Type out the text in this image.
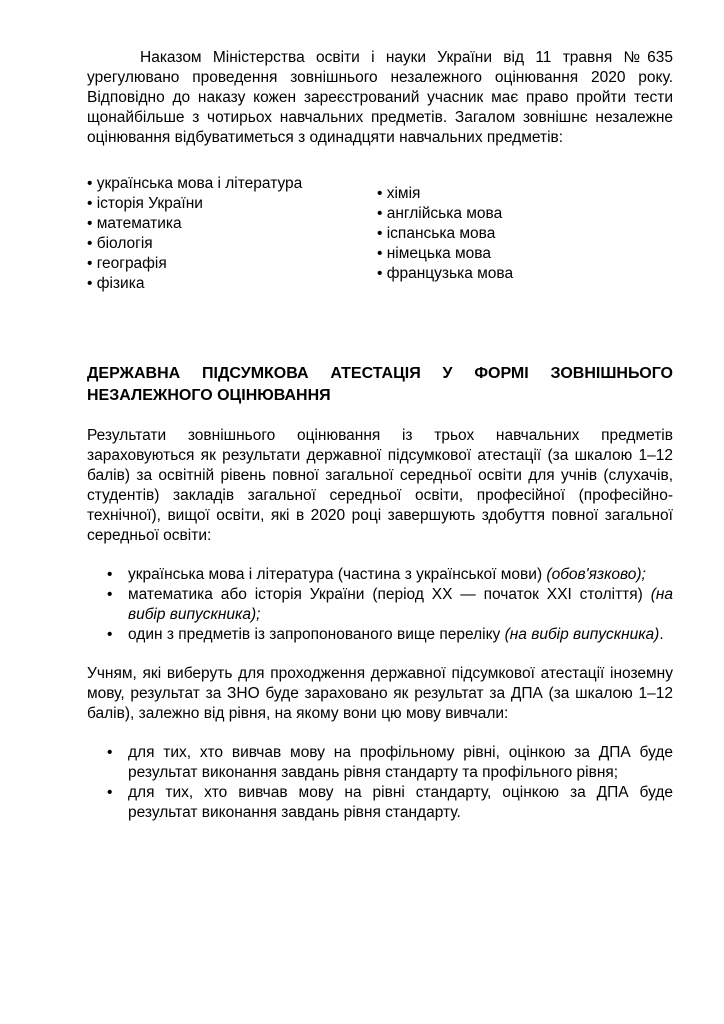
Наказом Міністерства освіти і науки України від 11 травня №635 урегулювано проведення зовнішнього незалежного оцінювання 2020 року. Відповідно до наказу кожен зареєстрований учасник має право пройти тести щонайбільше з чотирьох навчальних предметів. Загалом зовнішнє незалежне оцінювання відбуватиметься з одинадцяти навчальних предметів:

• українська мова і література
• історія України
• математика
• біологія
• географія
• фізика
• хімія
• англійська мова
• іспанська мова
• німецька мова
• французька мова
ДЕРЖАВНА ПІДСУМКОВА АТЕСТАЦІЯ У ФОРМІ ЗОВНІШНЬОГО НЕЗАЛЕЖНОГО ОЦІНЮВАННЯ

Результати зовнішнього оцінювання із трьох навчальних предметів зараховуються як результати державної підсумкової атестації (за шкалою 1–12 балів) за освітній рівень повної загальної середньої освіти для учнів (слухачів, студентів) закладів загальної середньої освіти, професійної (професійно-технічної), вищої освіти, які в 2020 році завершують здобуття повної загальної середньої освіти:

• українська мова і література (частина з української мови) (обов'язково);
• математика або історія України (період XX — початок XXI століття) (на вибір випускника);
• один з предметів із запропонованого вище переліку (на вибір випускника).

Учням, які виберуть для проходження державної підсумкової атестації іноземну мову, результат за ЗНО буде зараховано як результат за ДПА (за шкалою 1–12 балів), залежно від рівня, на якому вони цю мову вивчали:

• для тих, хто вивчав мову на профільному рівні, оцінкою за ДПА буде результат виконання завдань рівня стандарту та профільного рівня;
• для тих, хто вивчав мову на рівні стандарту, оцінкою за ДПА буде результат виконання завдань рівня стандарту.
